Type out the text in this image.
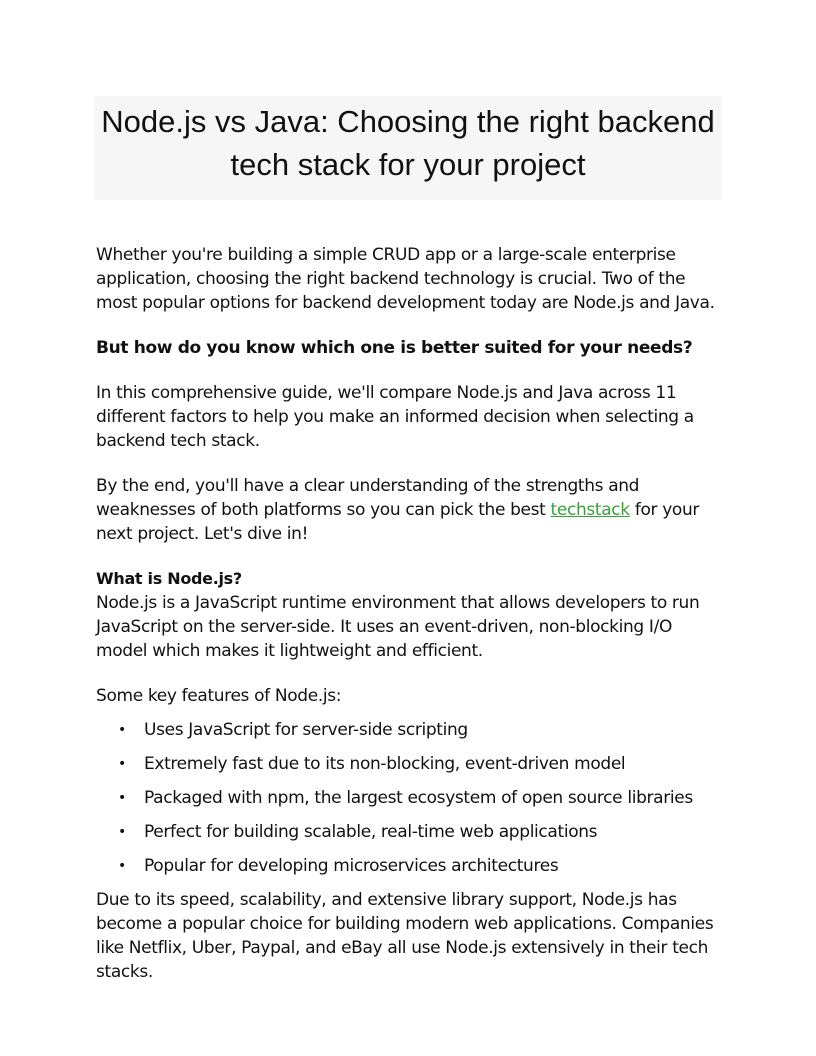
Node.js vs Java: Choosing the right backend tech stack for your project

Whether you're building a simple CRUD app or a large-scale enterprise application, choosing the right backend technology is crucial. Two of the most popular options for backend development today are Node.js and Java.

But how do you know which one is better suited for your needs?

In this comprehensive guide, we'll compare Node.js and Java across 11 different factors to help you make an informed decision when selecting a backend tech stack.

By the end, you'll have a clear understanding of the strengths and weaknesses of both platforms so you can pick the best techstack for your next project. Let's dive in!

What is Node.js?

Node.js is a JavaScript runtime environment that allows developers to run JavaScript on the server-side. It uses an event-driven, non-blocking I/O model which makes it lightweight and efficient.

Some key features of Node.js:

• Uses JavaScript for server-side scripting
• Extremely fast due to its non-blocking, event-driven model
• Packaged with npm, the largest ecosystem of open source libraries
• Perfect for building scalable, real-time web applications
• Popular for developing microservices architectures

Due to its speed, scalability, and extensive library support, Node.js has become a popular choice for building modern web applications. Companies like Netflix, Uber, Paypal, and eBay all use Node.js extensively in their tech stacks.
